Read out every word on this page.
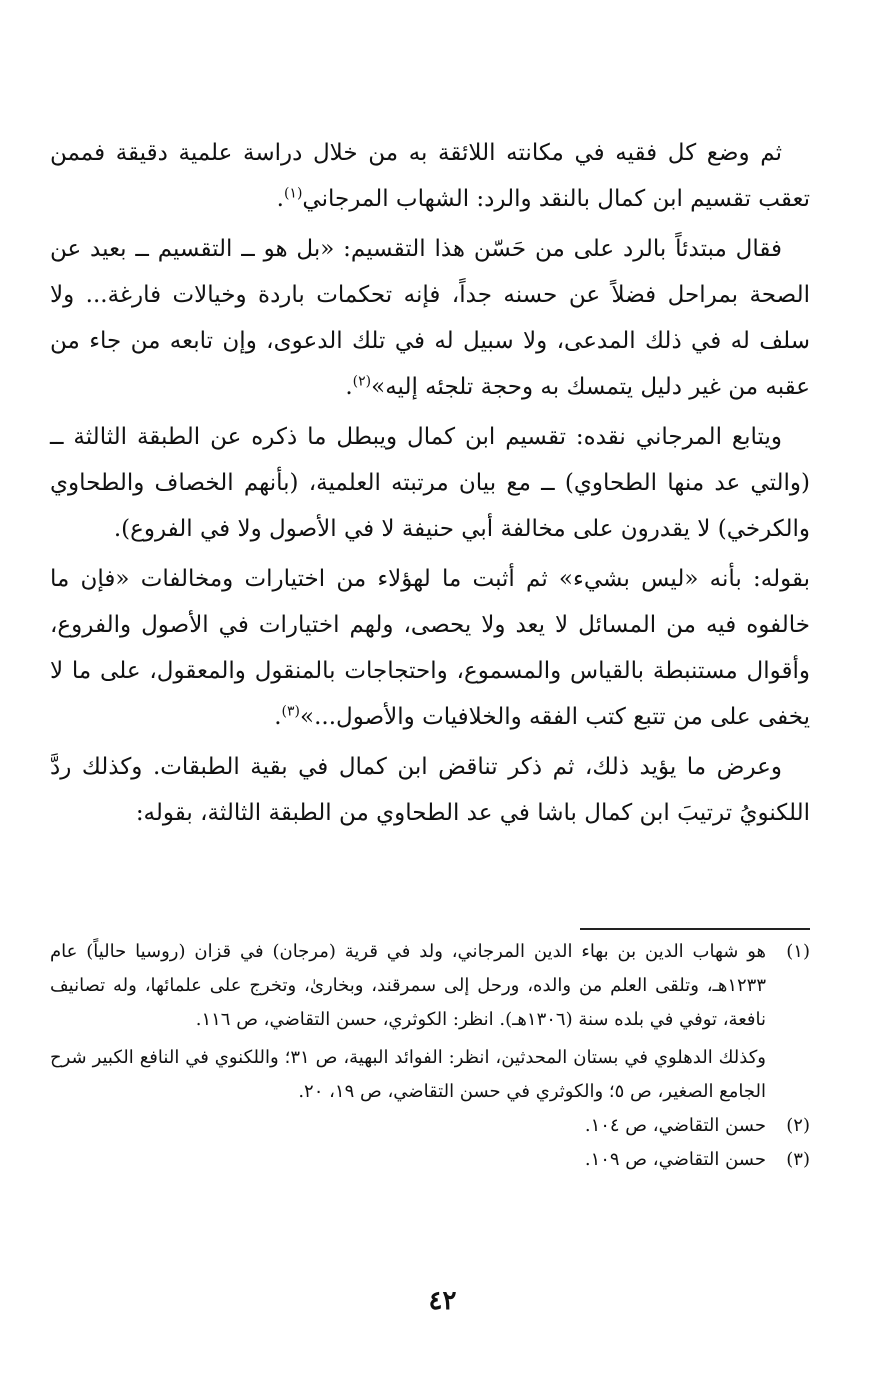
ثم وضع كل فقيه في مكانته اللائقة به من خلال دراسة علمية دقيقة فممن تعقب تقسيم ابن كمال بالنقد والرد: الشهاب المرجاني$^{(١)}$.

فقال مبتدئاً بالرد على من حَسّن هذا التقسيم: «بل هو ــ التقسيم ــ بعيد عن الصحة بمراحل فضلاً عن حسنه جداً، فإنه تحكمات باردة وخيالات فارغة... ولا سلف له في ذلك المدعى، ولا سبيل له في تلك الدعوى، وإن تابعه من جاء من عقبه من غير دليل يتمسك به وحجة تلجئه إليه»$^{(٢)}$.

ويتابع المرجاني نقده: تقسيم ابن كمال ويبطل ما ذكره عن الطبقة الثالثة ــ (والتي عد منها الطحاوي) ــ مع بيان مرتبته العلمية، (بأنهم الخصاف والطحاوي والكرخي) لا يقدرون على مخالفة أبي حنيفة لا في الأصول ولا في الفروع).

بقوله: بأنه «ليس بشيء» ثم أثبت ما لهؤلاء من اختيارات ومخالفات «فإن ما خالفوه فيه من المسائل لا يعد ولا يحصى، ولهم اختيارات في الأصول والفروع، وأقوال مستنبطة بالقياس والمسموع، واحتجاجات بالمنقول والمعقول، على ما لا يخفى على من تتبع كتب الفقه والخلافيات والأصول...»$^{(٣)}$.

وعرض ما يؤيد ذلك، ثم ذكر تناقض ابن كمال في بقية الطبقات. وكذلك ردَّ اللكنويُ ترتيبَ ابن كمال باشا في عد الطحاوي من الطبقة الثالثة، بقوله:

(١)

هو شهاب الدين بن بهاء الدين المرجاني، ولد في قرية (مرجان) في قزان (روسيا حالياً) عام ١٢٣٣هـ، وتلقى العلم من والده، ورحل إلى سمرقند، وبخارىٰ، وتخرج على علمائها، وله تصانيف نافعة، توفي في بلده سنة (١٣٠٦هـ). انظر: الكوثري، حسن التقاضي، ص ١١٦.

وكذلك الدهلوي في بستان المحدثين، انظر: الفوائد البهية، ص ٣١؛ واللكنوي في النافع الكبير شرح الجامع الصغير، ص ٥؛ والكوثري في حسن التقاضي، ص ١٩، ٢٠.

(٢)

حسن التقاضي، ص ١٠٤.

(٣)

حسن التقاضي، ص ١٠٩.

٤٢
